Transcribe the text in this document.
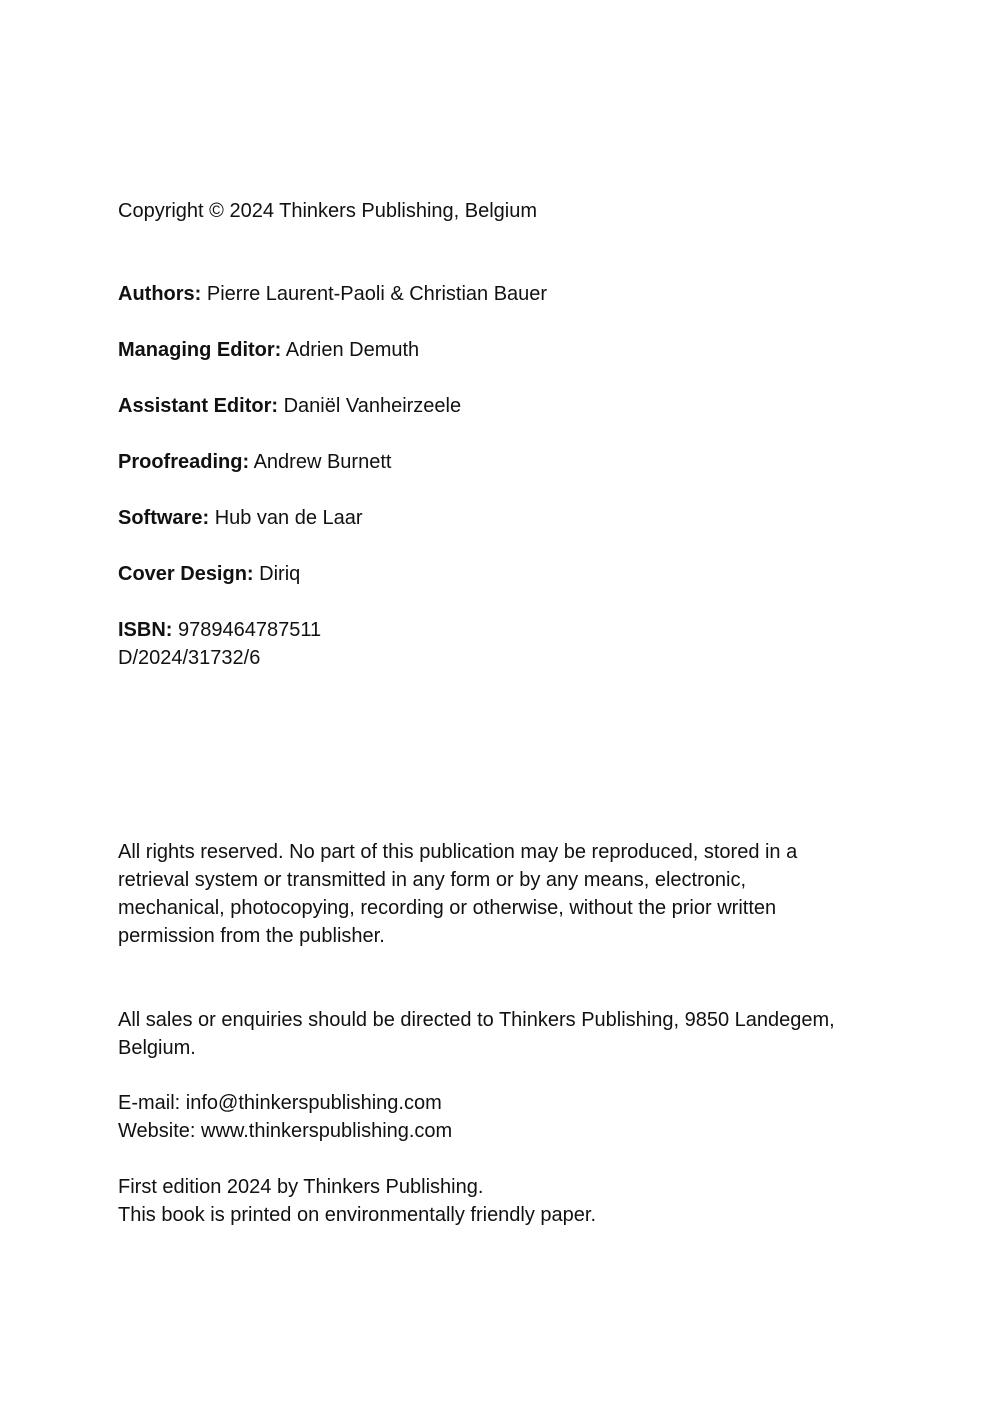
Copyright © 2024 Thinkers Publishing, Belgium

Authors: Pierre Laurent-Paoli & Christian Bauer

Managing Editor: Adrien Demuth

Assistant Editor: Daniël Vanheirzeele

Proofreading: Andrew Burnett

Software: Hub van de Laar

Cover Design: Diriq

ISBN: 9789464787511

D/2024/31732/6

All rights reserved. No part of this publication may be reproduced, stored in a
retrieval system or transmitted in any form or by any means, electronic,
mechanical, photocopying, recording or otherwise, without the prior written
permission from the publisher.
All sales or enquiries should be directed to Thinkers Publishing, 9850 Landegem,
Belgium.
E-mail: info@thinkerspublishing.com
Website: www.thinkerspublishing.com
First edition 2024 by Thinkers Publishing.
This book is printed on environmentally friendly paper.
